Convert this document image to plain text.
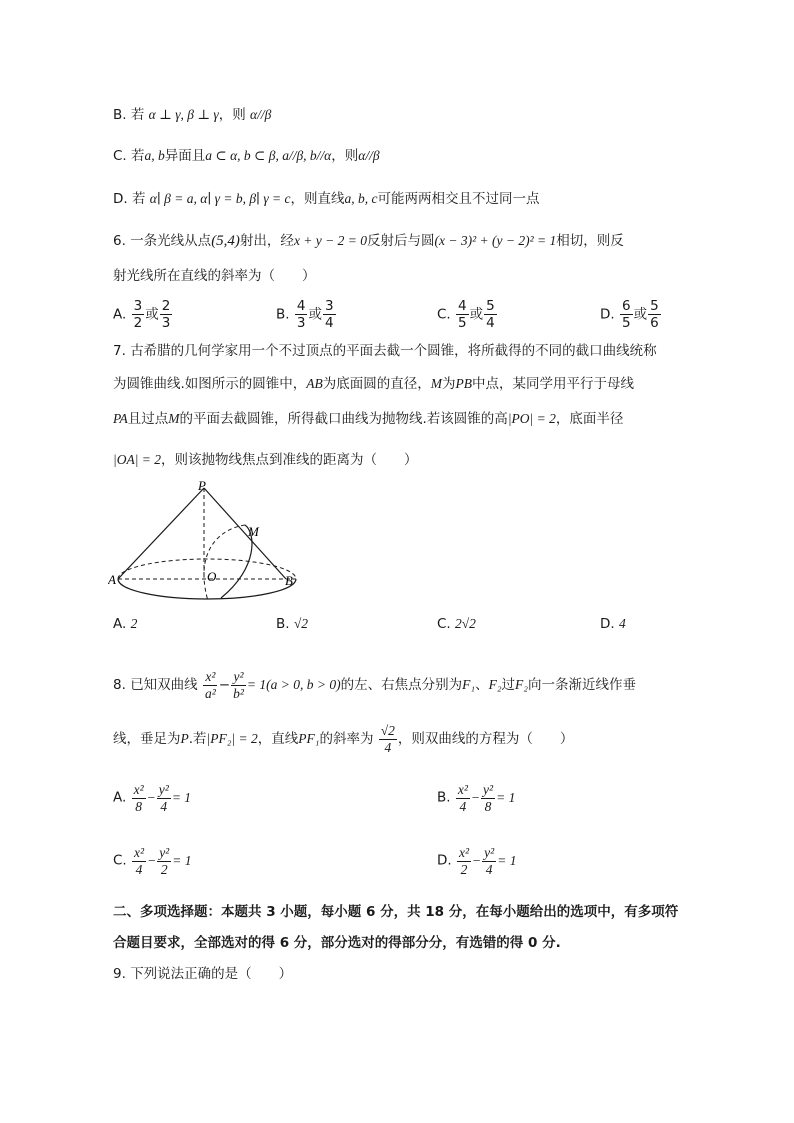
B. 若 α ⊥ γ, β ⊥ γ，则 α//β
C. 若a, b异面且a ⊂ α, b ⊂ β, a//β, b//α，则α//β
D. 若 α∣ β = a, α∣ γ = b, β∣ γ = c，则直线a, b, c可能两两相交且不过同一点
6. 一条光线从点(5,4)射出，经x + y − 2 = 0反射后与圆(x − 3)² + (y − 2)² = 1相切，则反
射光线所在直线的斜率为（　　）
A. $\frac{3}{2}$ 或 $\frac{2}{3}$	B. $\frac{4}{3}$ 或 $\frac{3}{4}$	C. $\frac{4}{5}$ 或 $\frac{5}{4}$	D. $\frac{6}{5}$ 或 $\frac{5}{6}$
7. 古希腊的几何学家用一个不过顶点的平面去截一个圆锥，将所截得的不同的截口曲线统称
为圆锥曲线.如图所示的圆锥中，AB为底面圆的直径，M为PB中点，某同学用平行于母线
PA且过点M的平面去截圆锥，所得截口曲线为抛物线.若该圆锥的高|PO| = 2，底面半径
|OA| = 2，则该抛物线焦点到准线的距离为（　　）
P
M
A	O	B
A. 2	B. √2	C. 2√2	D. 4
8. 已知双曲线 $\frac{\text{x²}}{\text{a²}} - \frac{\text{y²}}{\text{b²}} = 1(a > 0$, b > 0)的左、右焦点分别为F₁、F₂过F₂向一条渐近线作垂
线，垂足为P.若|PF₂| = 2，直线PF₁的斜率为 $\frac{√2}{4}$ ，则双曲线的方程为（　　）
A. $\frac{\text{x²}}{8} - \frac{\text{y²}}{4} = 1$	B. $\frac{\text{x²}}{4} - \frac{\text{y²}}{8} = 1$
C. $\frac{\text{x²}}{4} - \frac{\text{y²}}{2} = 1$	D. $\frac{\text{x²}}{2} - \frac{\text{y²}}{4} = 1$
二、多项选择题：本题共 3 小题，每小题 6 分，共 18 分，在每小题给出的选项中，有多项符
合题目要求，全部选对的得 6 分，部分选对的得部分分，有选错的得 0 分.
9. 下列说法正确的是（　　）
